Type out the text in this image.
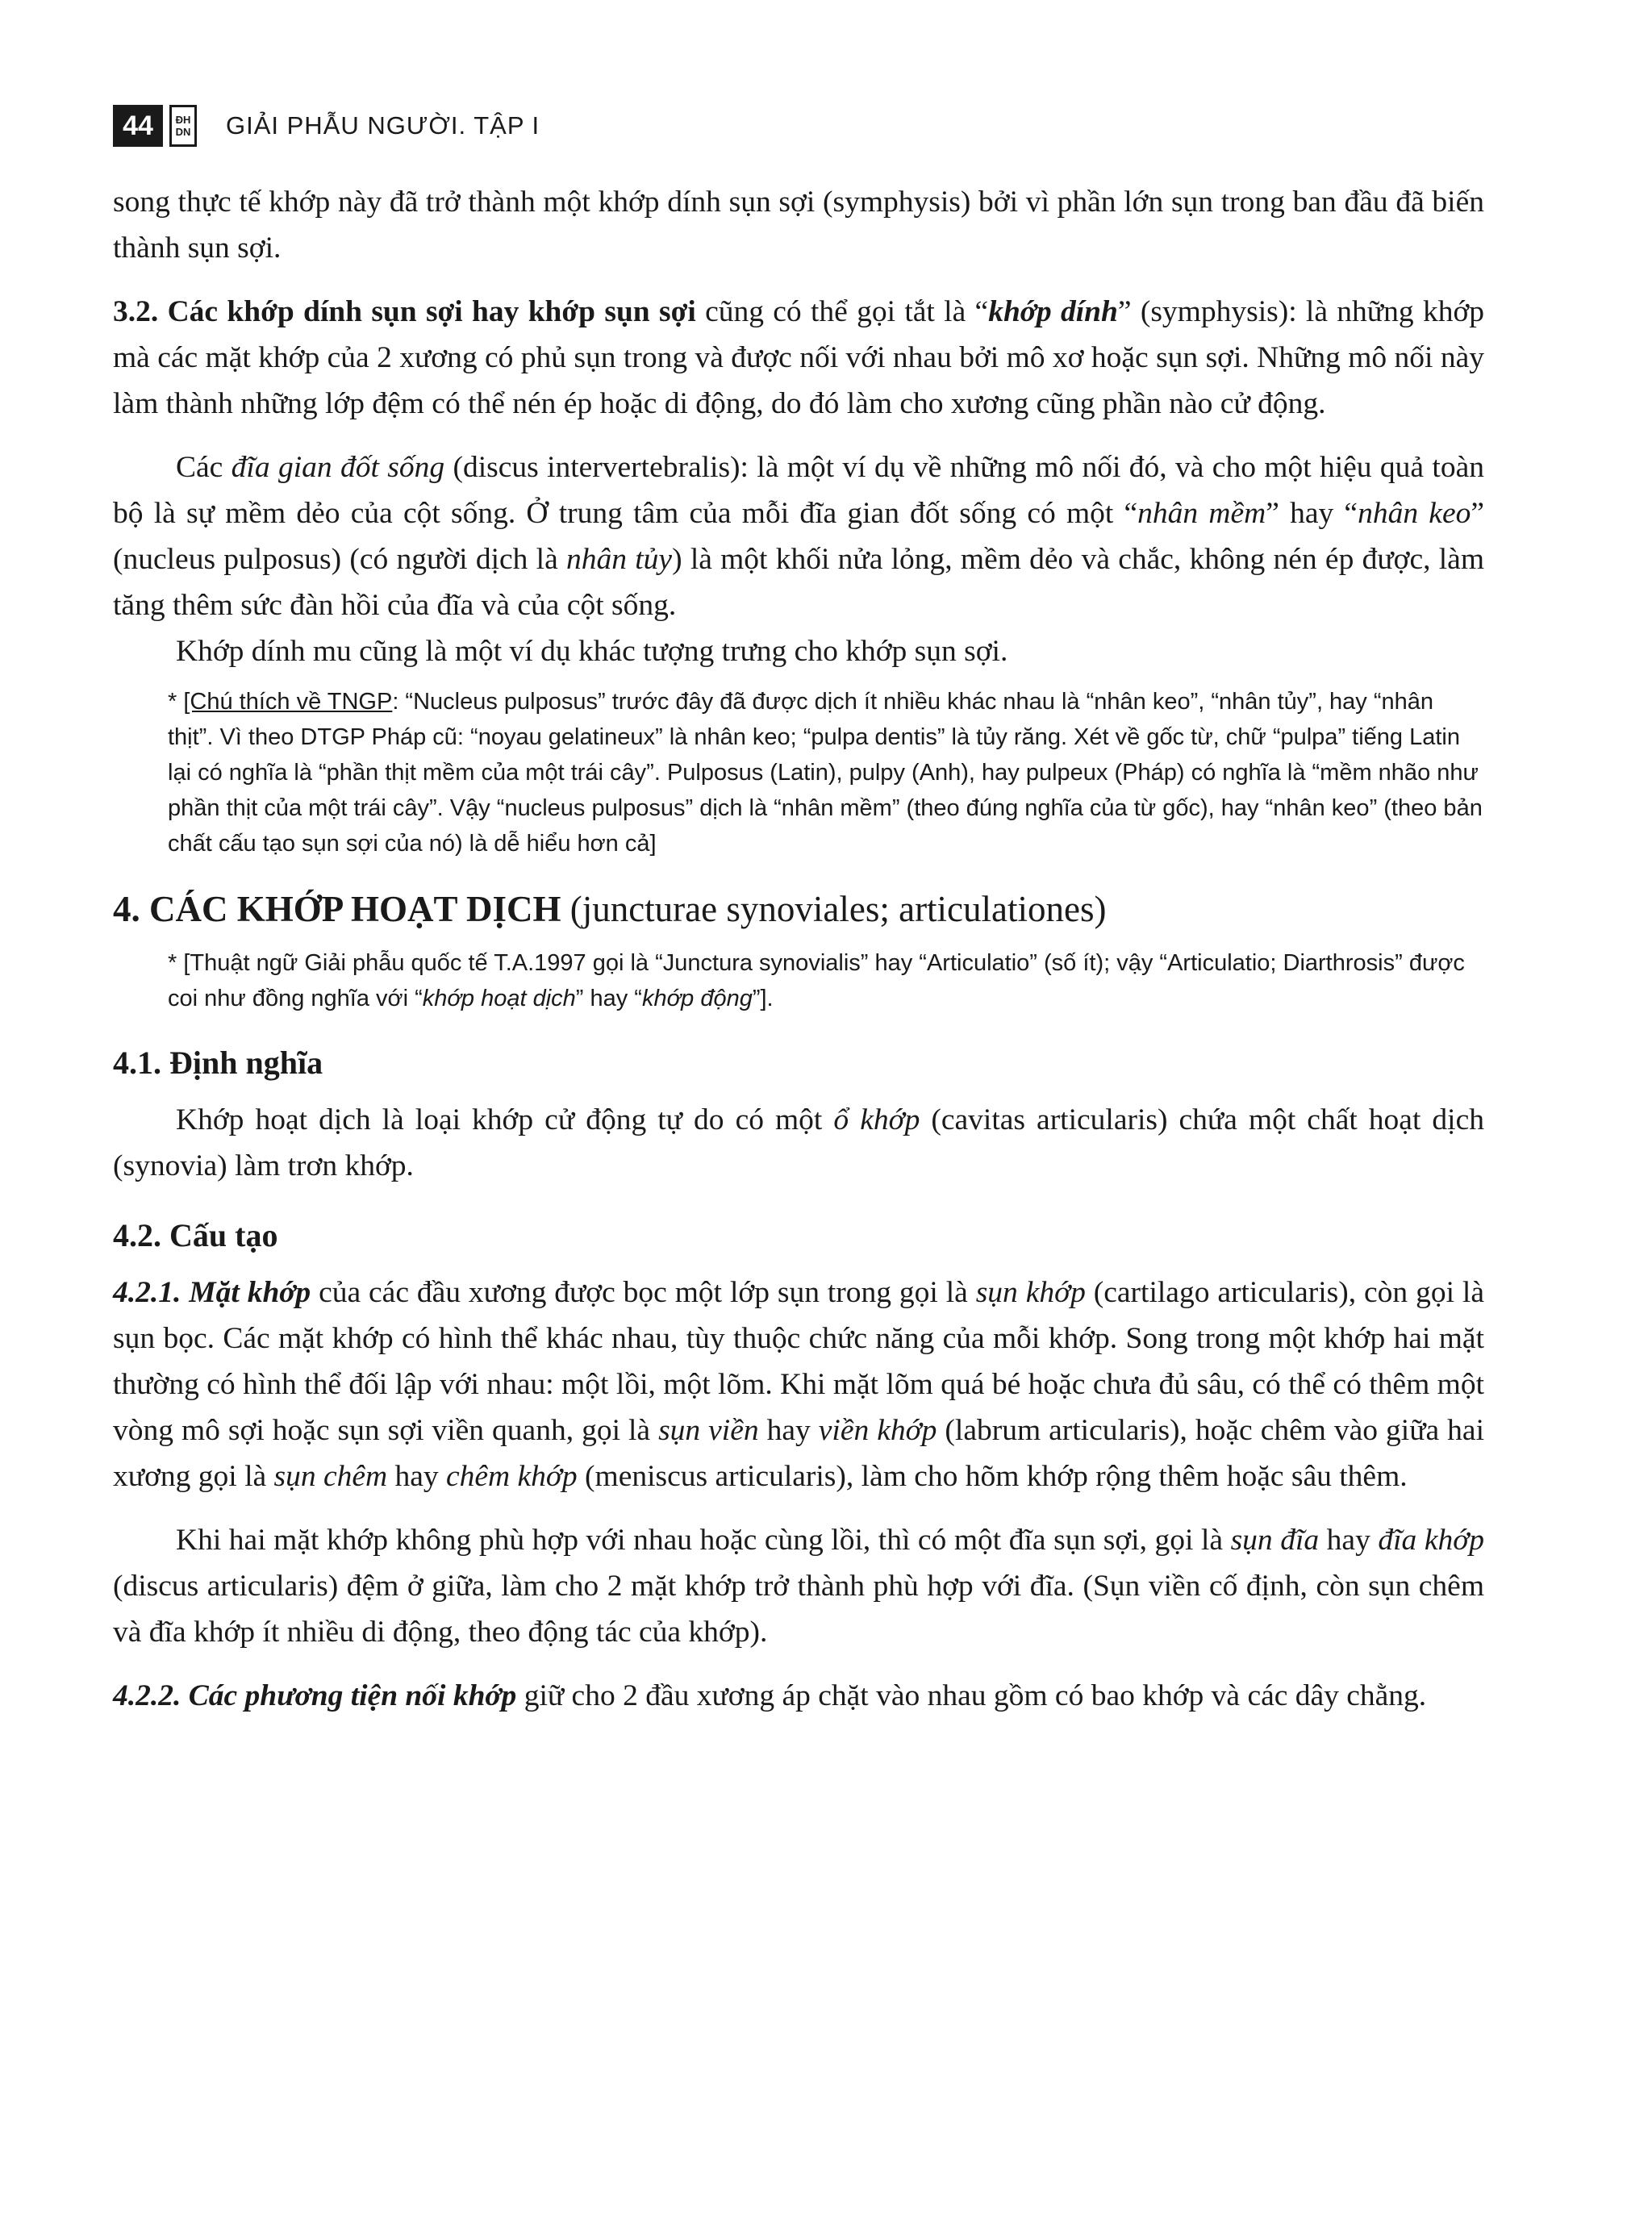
44	ĐH
DN GIẢI PHẪU NGƯỜI. TẬP I

song thực tế khớp này đã trở thành một khớp dính sụn sợi (symphysis) bởi vì phần lớn sụn trong ban đầu đã biến thành sụn sợi.

3.2. Các khớp dính sụn sợi hay khớp sụn sợi cũng có thể gọi tắt là “khớp dính” (symphysis): là những khớp mà các mặt khớp của 2 xương có phủ sụn trong và được nối với nhau bởi mô xơ hoặc sụn sợi. Những mô nối này làm thành những lớp đệm có thể nén ép hoặc di động, do đó làm cho xương cũng phần nào cử động.

Các đĩa gian đốt sống (discus intervertebralis): là một ví dụ về những mô nối đó, và cho một hiệu quả toàn bộ là sự mềm dẻo của cột sống. Ở trung tâm của mỗi đĩa gian đốt sống có một “nhân mềm” hay “nhân keo” (nucleus pulposus) (có người dịch là nhân tủy) là một khối nửa lỏng, mềm dẻo và chắc, không nén ép được, làm tăng thêm sức đàn hồi của đĩa và của cột sống.

Khớp dính mu cũng là một ví dụ khác tượng trưng cho khớp sụn sợi.

* [Chú thích về TNGP: “Nucleus pulposus” trước đây đã được dịch ít nhiều khác nhau là “nhân keo”, “nhân tủy”, hay “nhân thịt”. Vì theo DTGP Pháp cũ: “noyau gelatineux” là nhân keo; “pulpa dentis” là tủy răng. Xét về gốc từ, chữ “pulpa” tiếng Latin lại có nghĩa là “phần thịt mềm của một trái cây”. Pulposus (Latin), pulpy (Anh), hay pulpeux (Pháp) có nghĩa là “mềm nhão như phần thịt của một trái cây”. Vậy “nucleus pulposus” dịch là “nhân mềm” (theo đúng nghĩa của từ gốc), hay “nhân keo” (theo bản chất cấu tạo sụn sợi của nó) là dễ hiểu hơn cả]
4. CÁC KHỚP HOẠT DỊCH (juncturae synoviales; articulationes)
* [Thuật ngữ Giải phẫu quốc tế T.A.1997 gọi là “Junctura synovialis” hay “Articulatio” (số ít); vậy “Articulatio; Diarthrosis” được coi như đồng nghĩa với “khớp hoạt dịch” hay “khớp động”].
4.1. Định nghĩa

Khớp hoạt dịch là loại khớp cử động tự do có một ổ khớp (cavitas articularis) chứa một chất hoạt dịch (synovia) làm trơn khớp.

4.2. Cấu tạo

4.2.1. Mặt khớp của các đầu xương được bọc một lớp sụn trong gọi là sụn khớp (cartilago articularis), còn gọi là sụn bọc. Các mặt khớp có hình thể khác nhau, tùy thuộc chức năng của mỗi khớp. Song trong một khớp hai mặt thường có hình thể đối lập với nhau: một lồi, một lõm. Khi mặt lõm quá bé hoặc chưa đủ sâu, có thể có thêm một vòng mô sợi hoặc sụn sợi viền quanh, gọi là sụn viền hay viền khớp (labrum articularis), hoặc chêm vào giữa hai xương gọi là sụn chêm hay chêm khớp (meniscus articularis), làm cho hõm khớp rộng thêm hoặc sâu thêm.

Khi hai mặt khớp không phù hợp với nhau hoặc cùng lồi, thì có một đĩa sụn sợi, gọi là sụn đĩa hay đĩa khớp (discus articularis) đệm ở giữa, làm cho 2 mặt khớp trở thành phù hợp với đĩa. (Sụn viền cố định, còn sụn chêm và đĩa khớp ít nhiều di động, theo động tác của khớp).

4.2.2. Các phương tiện nối khớp giữ cho 2 đầu xương áp chặt vào nhau gồm có bao khớp và các dây chằng.
